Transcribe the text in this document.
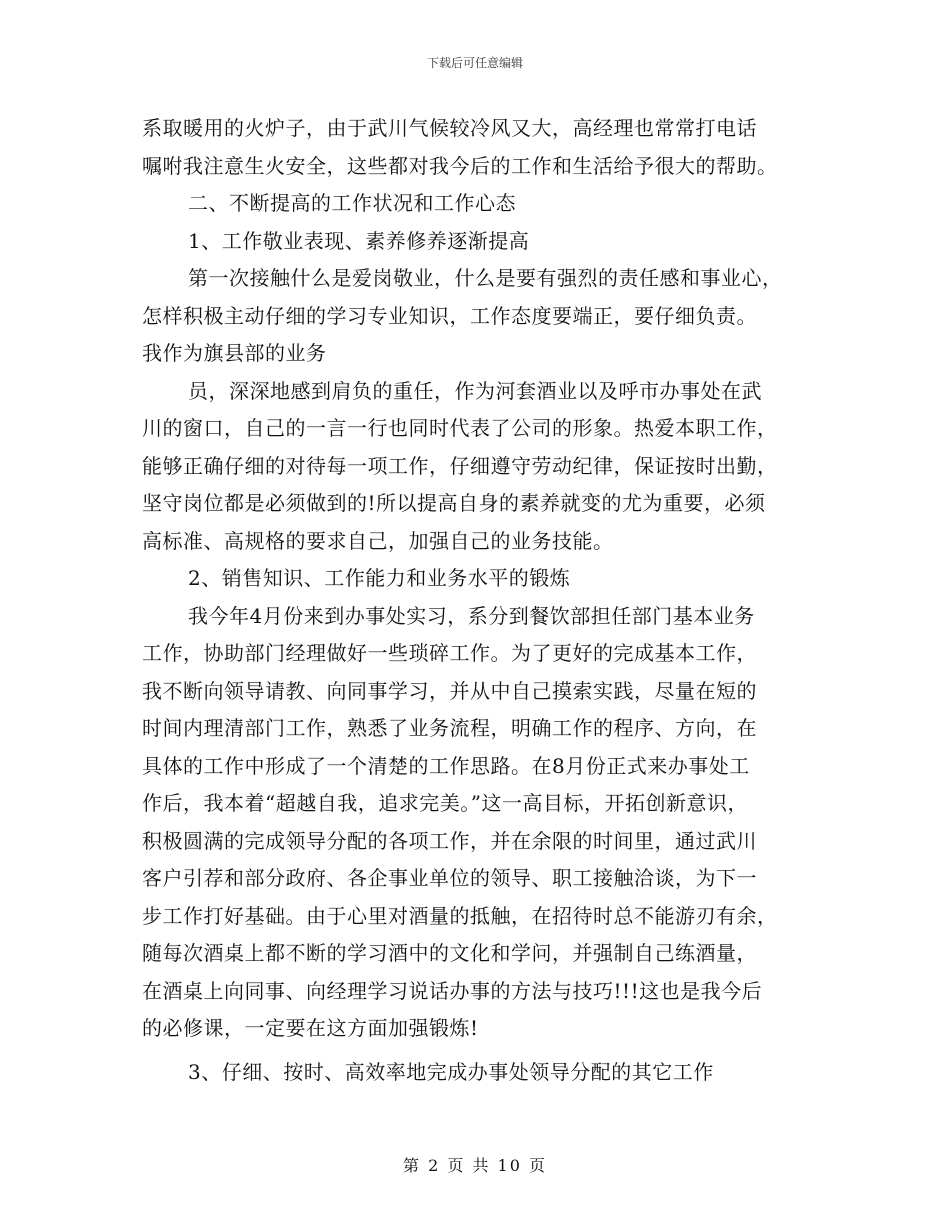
下载后可任意编辑
系取暖用的火炉子，由于武川气候较冷风又大，高经理也常常打电话
嘱咐我注意生火安全，这些都对我今后的工作和生活给予很大的帮助。
二、不断提高的工作状况和工作心态
1、工作敬业表现、素养修养逐渐提高
第一次接触什么是爱岗敬业，什么是要有强烈的责任感和事业心，
怎样积极主动仔细的学习专业知识，工作态度要端正，要仔细负责。
我作为旗县部的业务
员，深深地感到肩负的重任，作为河套酒业以及呼市办事处在武
川的窗口，自己的一言一行也同时代表了公司的形象。热爱本职工作，
能够正确仔细的对待每一项工作，仔细遵守劳动纪律，保证按时出勤，
坚守岗位都是必须做到的!所以提高自身的素养就变的尤为重要，必须
高标准、高规格的要求自己，加强自己的业务技能。
2、销售知识、工作能力和业务水平的锻炼
我今年4月份来到办事处实习，系分到餐饮部担任部门基本业务
工作，协助部门经理做好一些琐碎工作。为了更好的完成基本工作，
我不断向领导请教、向同事学习，并从中自己摸索实践，尽量在短的
时间内理清部门工作，熟悉了业务流程，明确工作的程序、方向，在
具体的工作中形成了一个清楚的工作思路。在8月份正式来办事处工
作后，我本着“超越自我，追求完美。”这一高目标，开拓创新意识，
积极圆满的完成领导分配的各项工作，并在余限的时间里，通过武川
客户引荐和部分政府、各企事业单位的领导、职工接触洽谈，为下一
步工作打好基础。由于心里对酒量的抵触，在招待时总不能游刃有余，
随每次酒桌上都不断的学习酒中的文化和学问，并强制自己练酒量，
在酒桌上向同事、向经理学习说话办事的方法与技巧!!!这也是我今后
的必修课，一定要在这方面加强锻炼!
3、仔细、按时、高效率地完成办事处领导分配的其它工作
第 2 页 共 10 页
